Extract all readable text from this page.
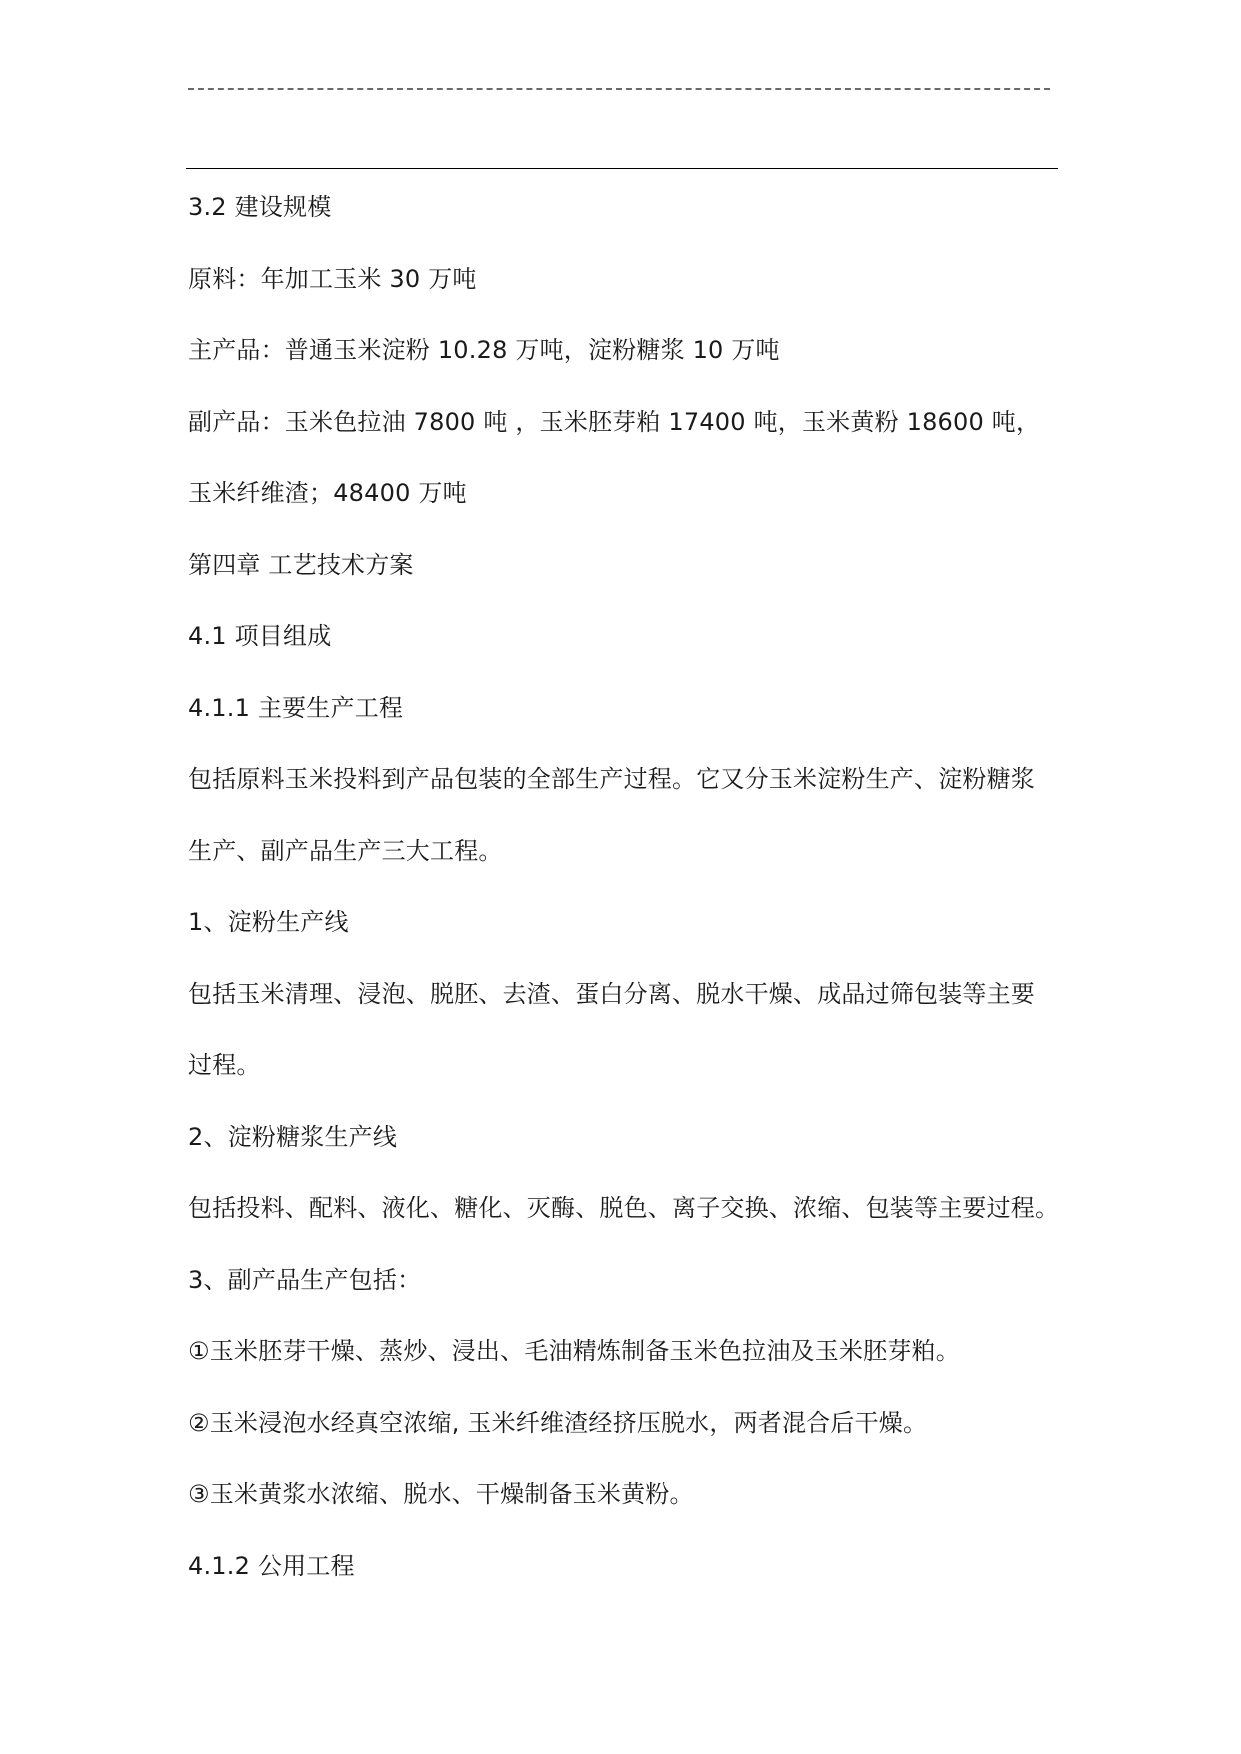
3.2 建设规模
原料：年加工玉米 30 万吨
主产品：普通玉米淀粉 10.28 万吨，淀粉糖浆 10 万吨
副产品：玉米色拉油 7800 吨 ，玉米胚芽粕 17400 吨，玉米黄粉 18600 吨，
玉米纤维渣；48400 万吨
第四章 工艺技术方案
4.1 项目组成
4.1.1 主要生产工程
包括原料玉米投料到产品包装的全部生产过程。它又分玉米淀粉生产、淀粉糖浆
生产、副产品生产三大工程。
1、淀粉生产线
包括玉米清理、浸泡、脱胚、去渣、蛋白分离、脱水干燥、成品过筛包装等主要
过程。
2、淀粉糖浆生产线
包括投料、配料、液化、糖化、灭酶、脱色、离子交换、浓缩、包装等主要过程。
3、副产品生产包括：
①玉米胚芽干燥、蒸炒、浸出、毛油精炼制备玉米色拉油及玉米胚芽粕。
②玉米浸泡水经真空浓缩, 玉米纤维渣经挤压脱水，两者混合后干燥。
③玉米黄浆水浓缩、脱水、干燥制备玉米黄粉。
4.1.2 公用工程
